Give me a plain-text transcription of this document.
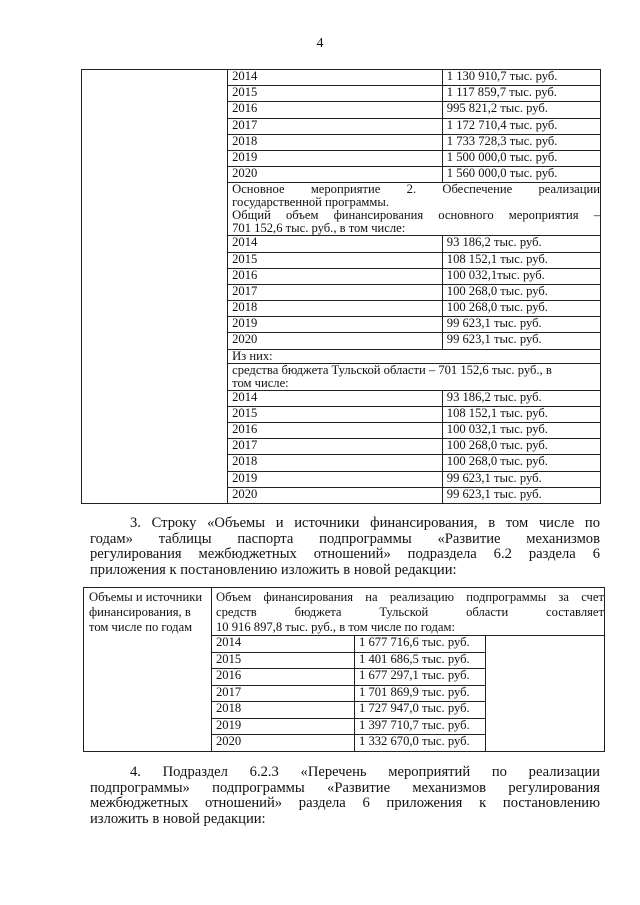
4
	2014	1 130 910,7 тыс. руб.
	2015	1 117 859,7 тыс. руб.
	2016	995 821,2 тыс. руб.
	2017	1 172 710,4 тыс. руб.
	2018	1 733 728,3 тыс. руб.
	2019	1 500 000,0 тыс. руб.
	2020	1 560 000,0 тыс. руб.

	Основное мероприятие 2. Обеспечение реализации
государственной программы.
Общий объем финансирования основного мероприятия –
701 152,6 тыс. руб., в том числе:	

	2014	93 186,2 тыс. руб.
	2015	108 152,1 тыс. руб.
	2016	100 032,1тыс. руб.
	2017	100 268,0 тыс. руб.
	2018	100 268,0 тыс. руб.
	2019	99 623,1 тыс. руб.
	2020	99 623,1 тыс. руб.

	Из них:	

	средства бюджета Тульской области – 701 152,6 тыс. руб., в
том числе:	

	2014	93 186,2 тыс. руб.
	2015	108 152,1 тыс. руб.
	2016	100 032,1 тыс. руб.
	2017	100 268,0 тыс. руб.
	2018	100 268,0 тыс. руб.
	2019	99 623,1 тыс. руб.
	2020	99 623,1 тыс. руб.
3. Строку «Объемы и источники финансирования, в том числе по
годам» таблицы паспорта подпрограммы «Развитие механизмов
регулирования межбюджетных отношений» подраздела 6.2 раздела 6
приложения к постановлению изложить в новой редакции:
Объемы и источники финансирования, в том числе по годам	Объем финансирования на реализацию подпрограммы за счет
средств бюджета Тульской области составляет
10 916 897,8 тыс. руб., в том числе по годам:		

	2014	1 677 716,6 тыс. руб.	
	2015	1 401 686,5 тыс. руб.	
	2016	1 677 297,1 тыс. руб.	
	2017	1 701 869,9 тыс. руб.	
	2018	1 727 947,0 тыс. руб.	
	2019	1 397 710,7 тыс. руб.	
	2020	1 332 670,0 тыс. руб.	
4. Подраздел 6.2.3 «Перечень мероприятий по реализации
подпрограммы» подпрограммы «Развитие механизмов регулирования
межбюджетных отношений» раздела 6 приложения к постановлению
изложить в новой редакции:
